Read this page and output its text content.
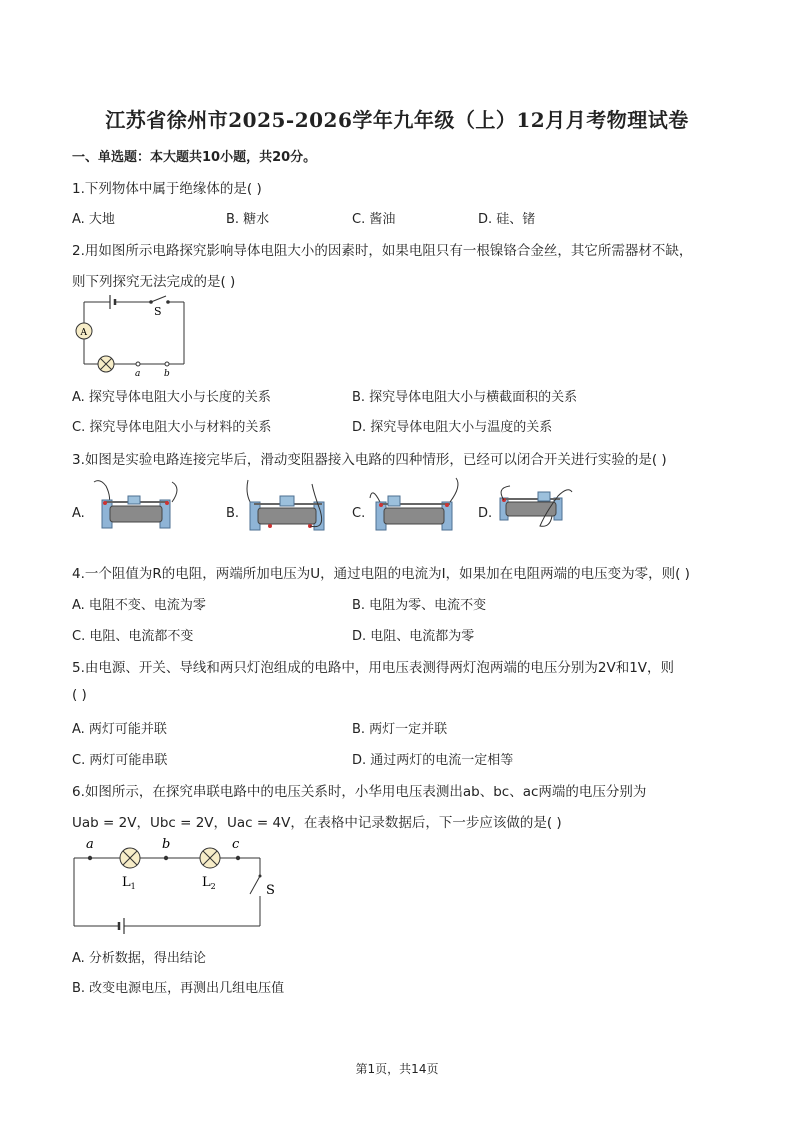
江苏省徐州市2025-2026学年九年级（上）12月月考物理试卷
一、单选题：本大题共10小题，共20分。
1.下列物体中属于绝缘体的是( )
A. 大地	B. 糖水	C. 酱油	D. 硅、锗
2.用如图所示电路探究影响导体电阻大小的因素时，如果电阻只有一根镍铬合金丝，其它所需器材不缺，
则下列探究无法完成的是( )
S
A
a	b
A. 探究导体电阻大小与长度的关系	B. 探究导体电阻大小与横截面积的关系
C. 探究导体电阻大小与材料的关系	D. 探究导体电阻大小与温度的关系
3.如图是实验电路连接完毕后，滑动变阻器接入电路的四种情形，已经可以闭合开关进行实验的是( )
A.	B.	C.	D.
4.一个阻值为R的电阻，两端所加电压为U，通过电阻的电流为I，如果加在电阻两端的电压变为零，则( )
A. 电阻不变、电流为零	B. 电阻为零、电流不变
C. 电阻、电流都不变	D. 电阻、电流都为零
5.由电源、开关、导线和两只灯泡组成的电路中，用电压表测得两灯泡两端的电压分别为2V和1V，则
( )
A. 两灯可能并联	B. 两灯一定并联
C. 两灯可能串联	D. 通过两灯的电流一定相等
6.如图所示，在探究串联电路中的电压关系时，小华用电压表测出ab、bc、ac两端的电压分别为
Uab = 2V，Ubc = 2V，Uac = 4V，在表格中记录数据后，下一步应该做的是( )
a	b	c
$L_1$	$L_2$	S
A. 分析数据，得出结论
B. 改变电源电压，再测出几组电压值
第1页，共14页
